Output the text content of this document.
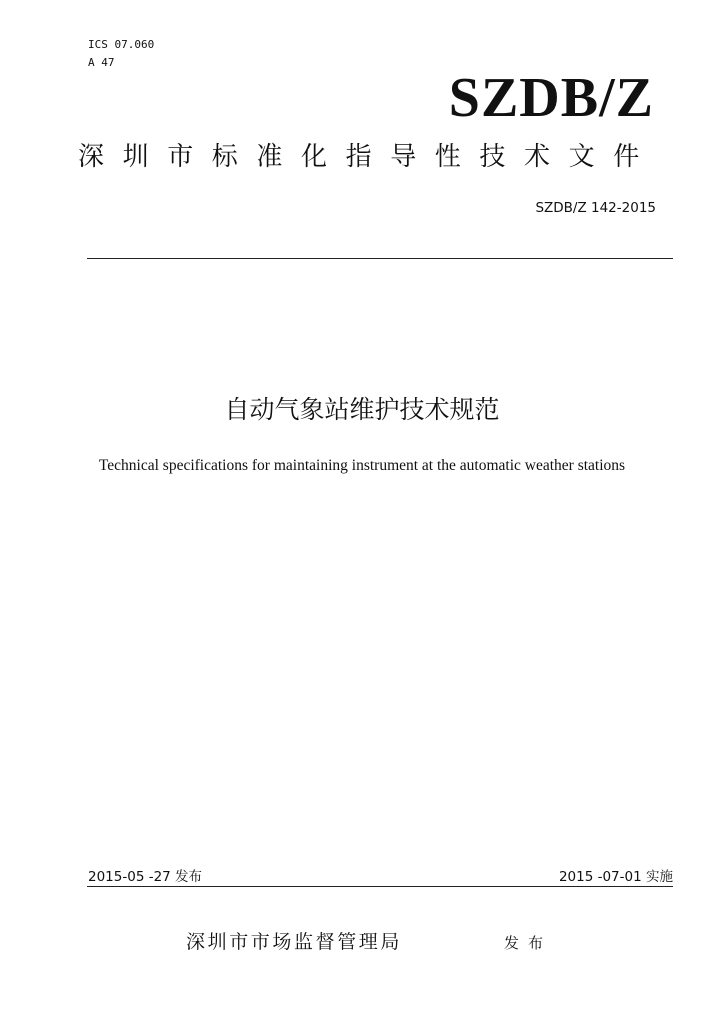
ICS 07.060
A 47
SZDB/Z
深圳市标准化指导性技术文件
SZDB/Z 142-2015
自动气象站维护技术规范
Technical specifications for maintaining instrument at the automatic weather stations
2015-05 -27 发布	2015 -07-01 实施
深圳市市场监督管理局	发布
